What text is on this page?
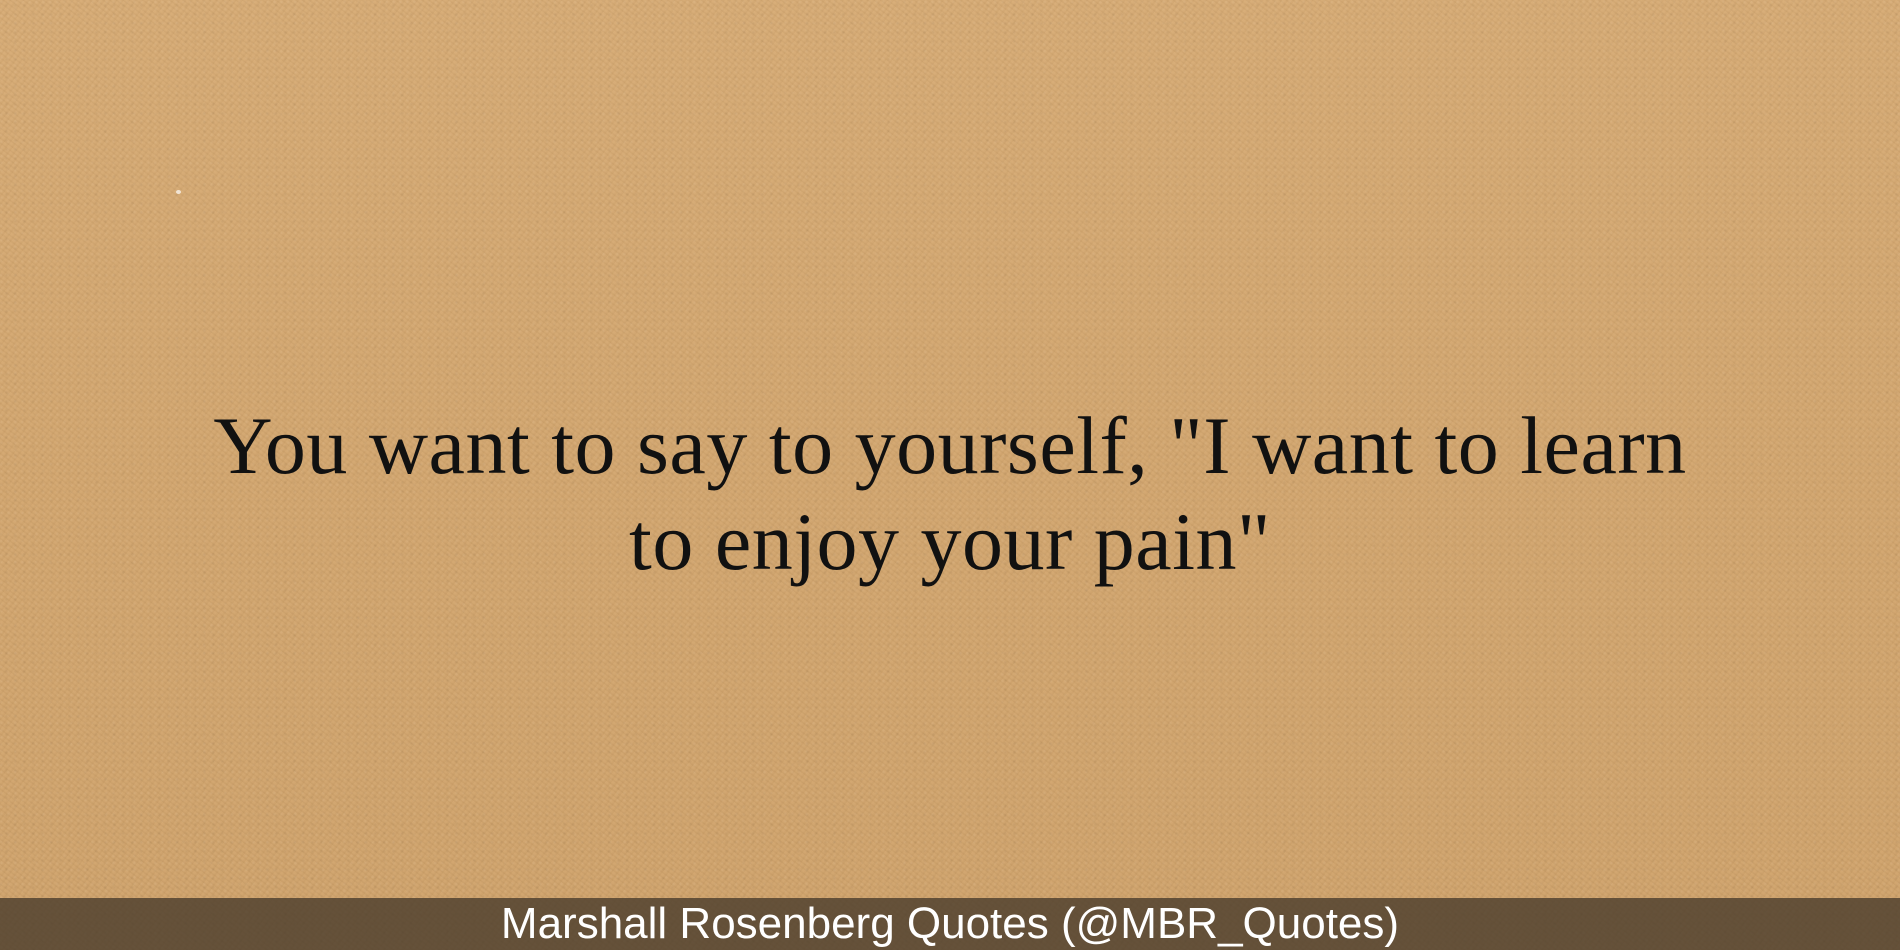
You want to say to yourself, "I want to learn to enjoy your pain"
Marshall Rosenberg Quotes (@MBR_Quotes)
